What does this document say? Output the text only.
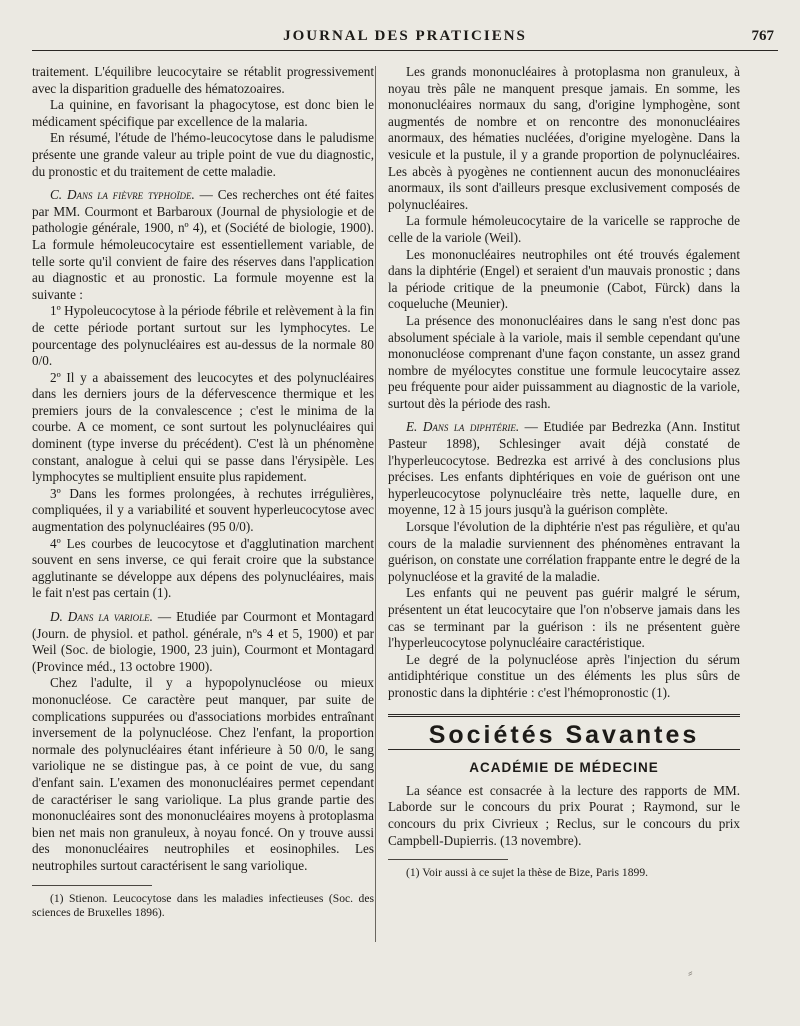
JOURNAL DES PRATICIENS	767

traitement. L'équilibre leucocytaire se rétablit progressivement avec la disparition graduelle des hématozoaires.

La quinine, en favorisant la phagocytose, est donc bien le médicament spécifique par excellence de la malaria.

En résumé, l'étude de l'hémo-leucocytose dans le paludisme présente une grande valeur au triple point de vue du diagnostic, du pronostic et du traitement de cette maladie.

C. Dans la fièvre typhoïde. — Ces recherches ont été faites par MM. Courmont et Barbaroux (Journal de physiologie et de pathologie générale, 1900, nº 4), et (Société de biologie, 1900). La formule hémoleucocytaire est essentiellement variable, de telle sorte qu'il convient de faire des réserves dans l'application au diagnostic et au pronostic. La formule moyenne est la suivante :

1º Hypoleucocytose à la période fébrile et relèvement à la fin de cette période portant surtout sur les lymphocytes. Le pourcentage des polynucléaires est au-dessus de la normale 80 0/0.

2º Il y a abaissement des leucocytes et des polynucléaires dans les derniers jours de la défervescence thermique et les premiers jours de la convalescence ; c'est le minima de la courbe. A ce moment, ce sont surtout les polynucléaires qui dominent (type inverse du précédent). C'est là un phénomène constant, analogue à celui qui se passe dans l'érysipèle. Les lymphocytes se multiplient ensuite plus rapidement.

3º Dans les formes prolongées, à rechutes irrégulières, compliquées, il y a variabilité et souvent hyperleucocytose avec augmentation des polynucléaires (95 0/0).

4º Les courbes de leucocytose et d'agglutination marchent souvent en sens inverse, ce qui ferait croire que la substance agglutinante se développe aux dépens des polynucléaires, mais le fait n'est pas certain (1).

D. Dans la variole. — Etudiée par Courmont et Montagard (Journ. de physiol. et pathol. générale, nºs 4 et 5, 1900) et par Weil (Soc. de biologie, 1900, 23 juin), Courmont et Montagard (Province méd., 13 octobre 1900).

Chez l'adulte, il y a hypopolynucléose ou mieux mononucléose. Ce caractère peut manquer, par suite de complications suppurées ou d'associations morbides entraînant inversement de la polynucléose. Chez l'enfant, la proportion normale des polynucléaires étant inférieure à 50 0/0, le sang variolique ne se distingue pas, à ce point de vue, du sang d'enfant sain. L'examen des mononucléaires permet cependant de caractériser le sang variolique. La plus grande partie des mononucléaires sont des mononucléaires moyens à protoplasma bien net mais non granuleux, à noyau foncé. On y trouve aussi des mononucléaires neutrophiles et eosinophiles. Les neutrophiles surtout caractérisent le sang variolique.

(1) Stienon. Leucocytose dans les maladies infectieuses (Soc. des sciences de Bruxelles 1896).

Les grands mononucléaires à protoplasma non granuleux, à noyau très pâle ne manquent presque jamais. En somme, les mononucléaires normaux du sang, d'origine lymphogène, sont augmentés de nombre et on rencontre des mononucléaires anormaux, des hématies nucléées, d'origine myelogène. Dans la vesicule et la pustule, il y a grande proportion de polynucléaires. Les abcès à pyogènes ne contiennent aucun des mononucléaires anormaux, ils sont d'ailleurs presque exclusivement composés de polynucléaires.

La formule hémoleucocytaire de la varicelle se rapproche de celle de la variole (Weil).

Les mononucléaires neutrophiles ont été trouvés également dans la diphtérie (Engel) et seraient d'un mauvais pronostic ; dans la période critique de la pneumonie (Cabot, Fürck) dans la coqueluche (Meunier).

La présence des mononucléaires dans le sang n'est donc pas absolument spéciale à la variole, mais il semble cependant qu'une mononucléose comprenant d'une façon constante, un assez grand nombre de myélocytes constitue une formule leucocytaire assez peu fréquente pour aider puissamment au diagnostic de la variole, surtout dès la période des rash.

E. Dans la diphtérie. — Etudiée par Bedrezka (Ann. Institut Pasteur 1898), Schlesinger avait déjà constaté de l'hyperleucocytose. Bedrezka est arrivé à des conclusions plus précises. Les enfants diphtériques en voie de guérison ont une hyperleucocytose polynucléaire très nette, laquelle dure, en moyenne, 12 à 15 jours jusqu'à la guérison complète.

Lorsque l'évolution de la diphtérie n'est pas régulière, et qu'au cours de la maladie surviennent des phénomènes entravant la guérison, on constate une corrélation frappante entre le degré de la polynucléose et la gravité de la maladie.

Les enfants qui ne peuvent pas guérir malgré le sérum, présentent un état leucocytaire que l'on n'observe jamais dans les cas se terminant par la guérison : ils ne présentent guère l'hyperleucocytose polynucléaire caractéristique.

Le degré de la polynucléose après l'injection du sérum antidiphtérique constitue un des éléments les plus sûrs de pronostic dans la diphtérie : c'est l'hémopronostic (1).

Sociétés Savantes
ACADÉMIE DE MÉDECINE

La séance est consacrée à la lecture des rapports de MM. Laborde sur le concours du prix Pourat ; Raymond, sur le concours du prix Civrieux ; Reclus, sur le concours du prix Campbell-Dupierris. (13 novembre).

(1) Voir aussi à ce sujet la thèse de Bize, Paris 1899.

⸗
